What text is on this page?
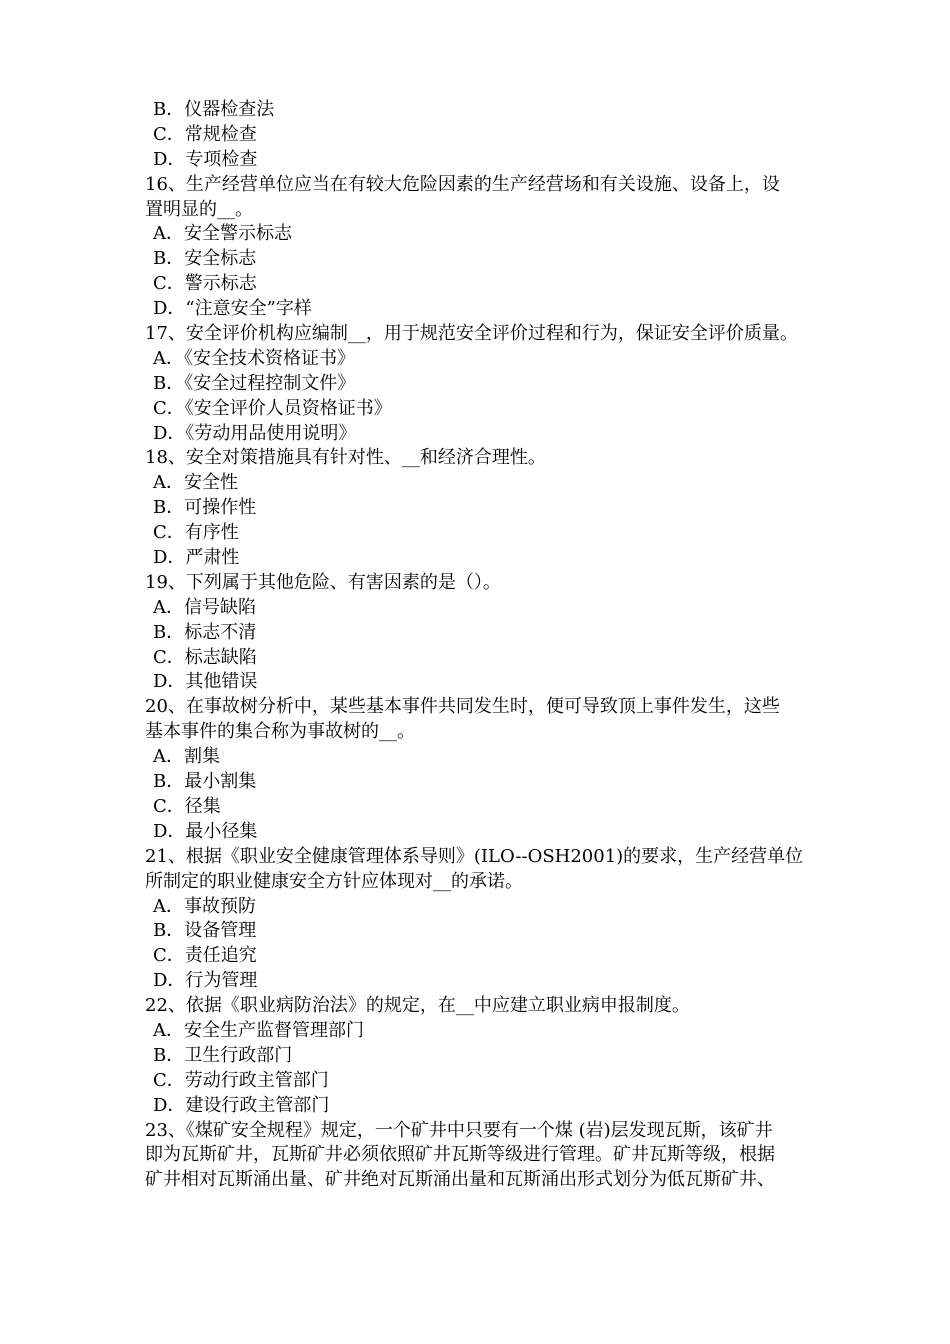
B．仪器检查法
C．常规检查
D．专项检查
16、生产经营单位应当在有较大危险因素的生产经营场和有关设施、设备上，设
置明显的__。
A．安全警示标志
B．安全标志
C．警示标志
D．“注意安全”字样
17、安全评价机构应编制__，用于规范安全评价过程和行为，保证安全评价质量。
A．《安全技术资格证书》
B．《安全过程控制文件》
C．《安全评价人员资格证书》
D．《劳动用品使用说明》
18、安全对策措施具有针对性、__和经济合理性。
A．安全性
B．可操作性
C．有序性
D．严肃性
19、下列属于其他危险、有害因素的是（）。
A．信号缺陷
B．标志不清
C．标志缺陷
D．其他错误
20、在事故树分析中，某些基本事件共同发生时，便可导致顶上事件发生，这些
基本事件的集合称为事故树的__。
A．割集
B．最小割集
C．径集
D．最小径集
21、根据《职业安全健康管理体系导则》(ILO--OSH2001)的要求，生产经营单位
所制定的职业健康安全方针应体现对__的承诺。
A．事故预防
B．设备管理
C．责任追究
D．行为管理
22、依据《职业病防治法》的规定，在__中应建立职业病申报制度。
A．安全生产监督管理部门
B．卫生行政部门
C．劳动行政主管部门
D．建设行政主管部门
23、《煤矿安全规程》规定，一个矿井中只要有一个煤 (岩)层发现瓦斯，该矿井
即为瓦斯矿井，瓦斯矿井必须依照矿井瓦斯等级进行管理。矿井瓦斯等级，根据
矿井相对瓦斯涌出量、矿井绝对瓦斯涌出量和瓦斯涌出形式划分为低瓦斯矿井、
